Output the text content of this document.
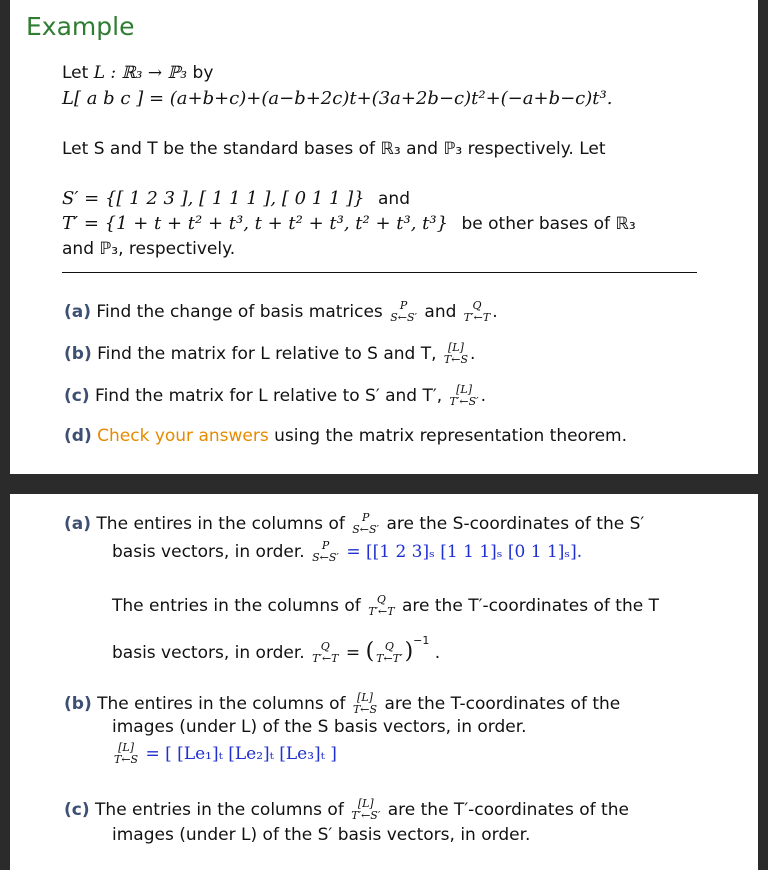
Example
Let L : ℝ₃ → ℙ₃ by
L[ a b c ] = (a+b+c)+(a−b+2c)t+(3a+2b−c)t²+(−a+b−c)t³.
Let S and T be the standard bases of ℝ₃ and ℙ₃ respectively. Let
S′ = {[ 1 2 3 ], [ 1 1 1 ], [ 0 1 1 ]} and
T′ = {1 + t + t² + t³, t + t² + t³, t² + t³, t³} be other bases of ℝ₃
and ℙ₃, respectively.
(a) Find the change of basis matrices	P
S←S′ and	Q
T′←T .
(b) Find the matrix for L relative to S and T,	[L]
T←S .
(c) Find the matrix for L relative to S′ and T′,	[L]
T′←S′ .
(d) Check your answers using the matrix representation theorem.
(a) The entires in the columns of	P
S←S′ are the S-coordinates of the S′
basis vectors, in order.	P
S←S′ = [[1 2 3]ₛ [1 1 1]ₛ [0 1 1]ₛ].
The entries in the columns of	Q
T′←T are the T′-coordinates of the T
basis vectors, in order.	Q
T′←T = ( Q
T←T′ )$^{-1}$ .
(b) The entires in the columns of	[L]
T←S are the T-coordinates of the
images (under L) of the S basis vectors, in order.
[L]
T←S = [ [Le₁]ₜ [Le₂]ₜ [Le₃]ₜ ]
(c) The entries in the columns of	[L]
T′←S′ are the T′-coordinates of the
images (under L) of the S′ basis vectors, in order.
